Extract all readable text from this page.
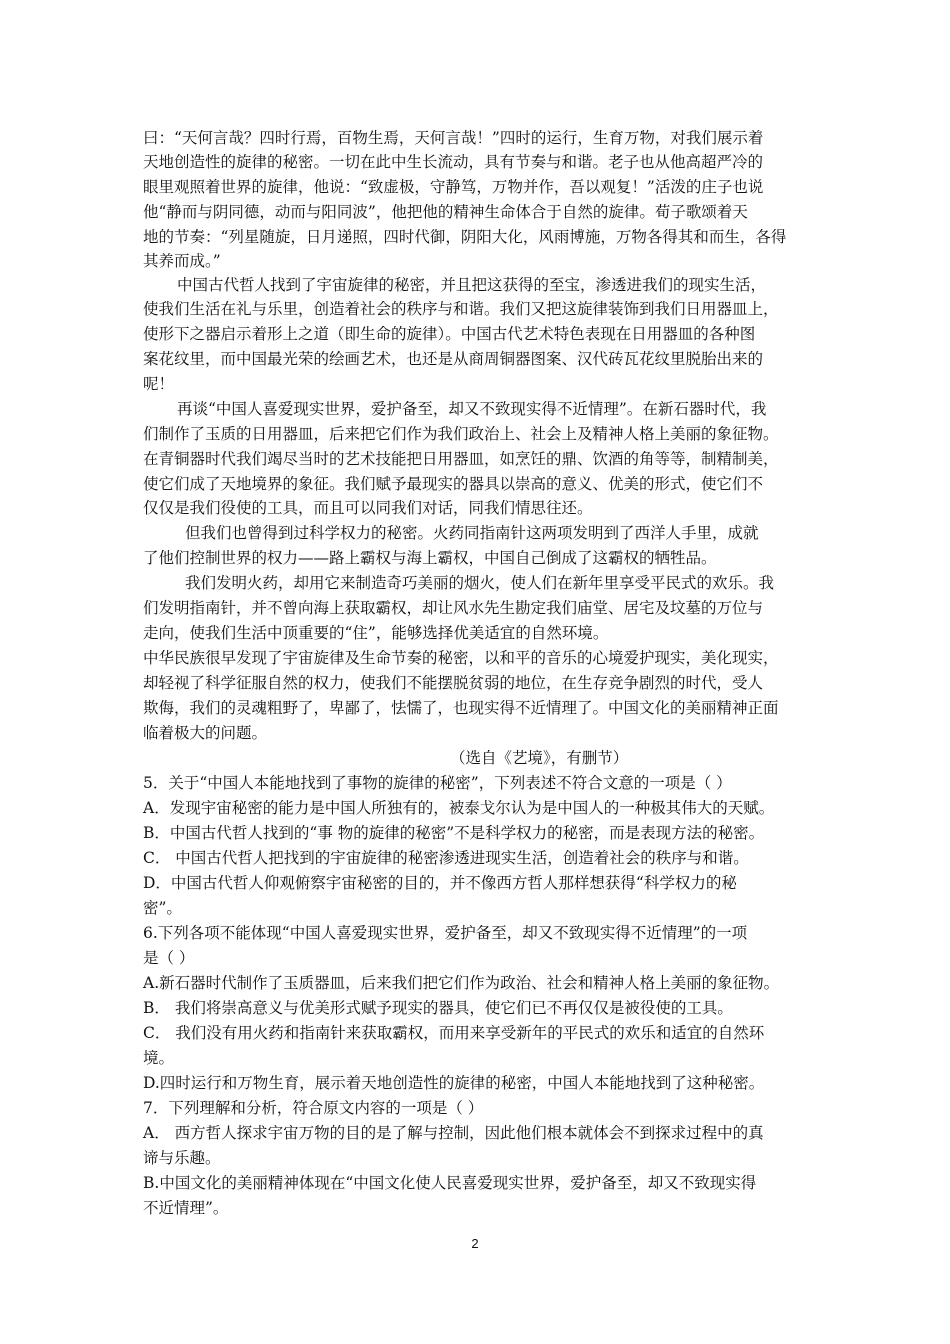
曰：“天何言哉？四时行焉，百物生焉，天何言哉！”四时的运行，生育万物，对我们展示着
天地创造性的旋律的秘密。一切在此中生长流动，具有节奏与和谐。老子也从他高超严冷的
眼里观照着世界的旋律，他说：“致虚极，守静笃，万物并作，吾以观复！”活泼的庄子也说
他“静而与阴同德，动而与阳同波”，他把他的精神生命体合于自然的旋律。荀子歌颂着天
地的节奏：“列星随旋，日月递照，四时代御，阴阳大化，风雨博施，万物各得其和而生，各得
其养而成。”
中国古代哲人找到了宇宙旋律的秘密，并且把这获得的至宝，渗透进我们的现实生活，
使我们生活在礼与乐里，创造着社会的秩序与和谐。我们又把这旋律装饰到我们日用器皿上，
使形下之器启示着形上之道（即生命的旋律）。中国古代艺术特色表现在日用器皿的各种图
案花纹里，而中国最光荣的绘画艺术，也还是从商周铜器图案、汉代砖瓦花纹里脱胎出来的
呢！
再谈“中国人喜爱现实世界，爱护备至，却又不致现实得不近情理”。在新石器时代，我
们制作了玉质的日用器皿，后来把它们作为我们政治上、社会上及精神人格上美丽的象征物。
在青铜器时代我们竭尽当时的艺术技能把日用器皿，如烹饪的鼎、饮酒的角等等，制精制美，
使它们成了天地境界的象征。我们赋予最现实的器具以崇高的意义、优美的形式，使它们不
仅仅是我们役使的工具，而且可以同我们对话，同我们情思往还。
但我们也曾得到过科学权力的秘密。火药同指南针这两项发明到了西洋人手里，成就
了他们控制世界的权力——路上霸权与海上霸权，中国自己倒成了这霸权的牺牲品。
我们发明火药，却用它来制造奇巧美丽的烟火，使人们在新年里享受平民式的欢乐。我
们发明指南针，并不曾向海上获取霸权，却让风水先生勘定我们庙堂、居宅及坟墓的万位与
走向，使我们生活中顶重要的“住”，能够选择优美适宜的自然环境。
中华民族很早发现了宇宙旋律及生命节奏的秘密，以和平的音乐的心境爱护现实，美化现实，
却轻视了科学征服自然的权力，使我们不能摆脱贫弱的地位，在生存竞争剧烈的时代，受人
欺侮，我们的灵魂粗野了，卑鄙了，怯懦了，也现实得不近情理了。中国文化的美丽精神正面
临着极大的问题。
（选自《艺境》，有删节）
5．关于“中国人本能地找到了事物的旋律的秘密”，下列表述不符合文意的一项是（ ）
A．发现宇宙秘密的能力是中国人所独有的，被泰戈尔认为是中国人的一种极其伟大的天赋。
B．中国古代哲人找到的“事 物的旋律的秘密”不是科学权力的秘密，而是表现方法的秘密。
C． 中国古代哲人把找到的宇宙旋律的秘密渗透进现实生活，创造着社会的秩序与和谐。
D．中国古代哲人仰观俯察宇宙秘密的目的，并不像西方哲人那样想获得“科学权力的秘
密”。
6.下列各项不能体现“中国人喜爱现实世界，爱护备至，却又不致现实得不近情理”的一项
是（ ）
A.新石器时代制作了玉质器皿，后来我们把它们作为政治、社会和精神人格上美丽的象征物。
B． 我们将崇高意义与优美形式赋予现实的器具，使它们已不再仅仅是被役使的工具。
C． 我们没有用火药和指南针来获取霸权，而用来享受新年的平民式的欢乐和适宜的自然环
境。
D.四时运行和万物生育，展示着天地创造性的旋律的秘密，中国人本能地找到了这种秘密。
7．下列理解和分析，符合原文内容的一项是（ ）
A． 西方哲人探求宇宙万物的目的是了解与控制，因此他们根本就体会不到探求过程中的真
谛与乐趣。
B.中国文化的美丽精神体现在“中国文化使人民喜爱现实世界，爱护备至，却又不致现实得
不近情理”。
2
